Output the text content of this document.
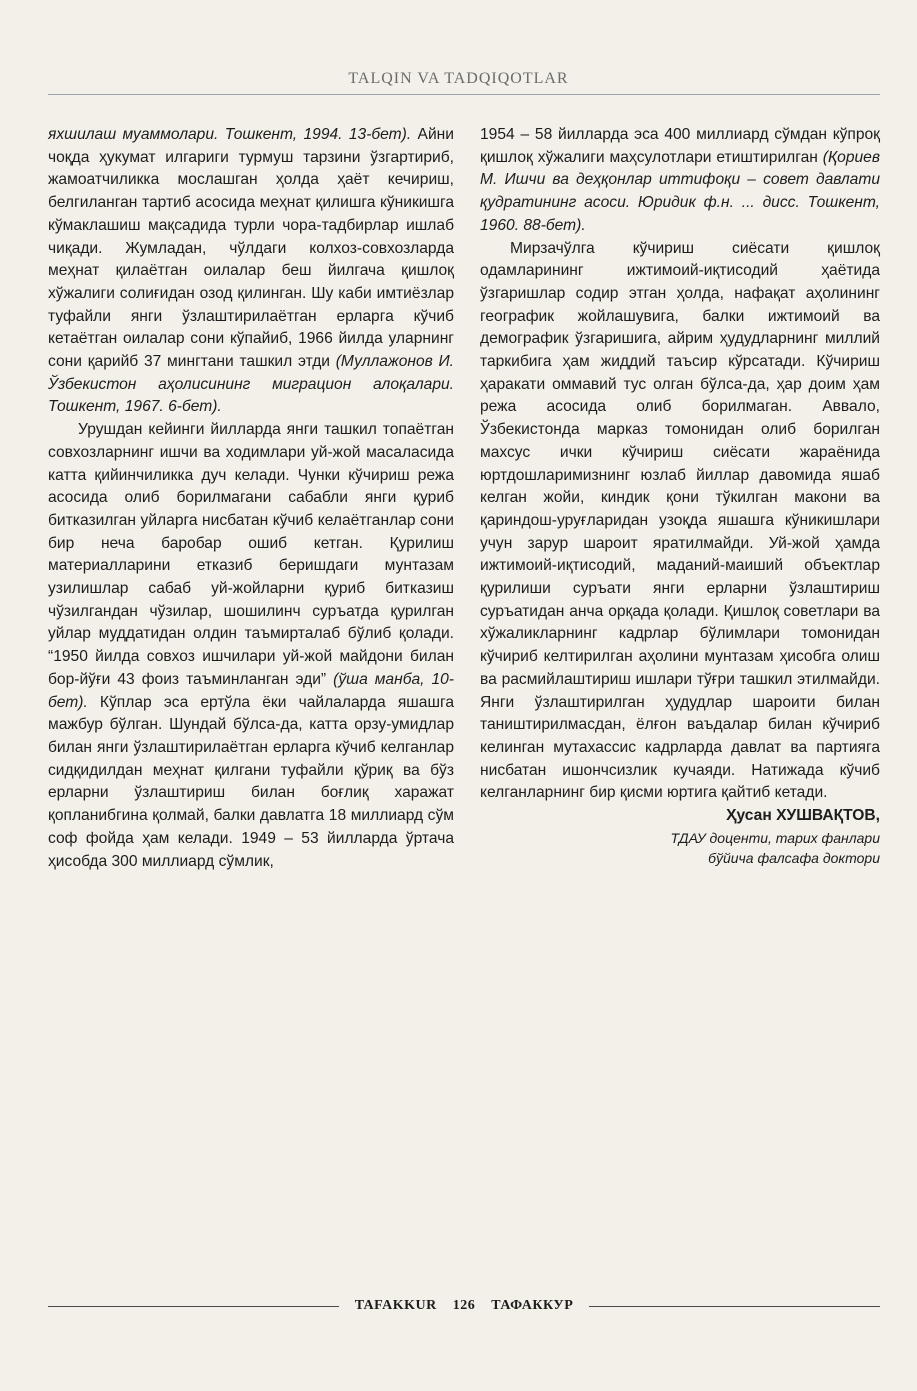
TALQIN VA TADQIQOTLAR

яхшилаш муаммолари. Тошкент, 1994. 13-бет). Айни чоқда ҳукумат илгариги турмуш тарзини ўзгартириб, жамоатчиликка мослашган ҳолда ҳаёт кечириш, белгиланган тартиб асосида меҳнат қилишга кўникишга кўмаклашиш мақсадида турли чора-тадбирлар ишлаб чиқади. Жумладан, чўлдаги колхоз-совхозларда меҳнат қилаётган оилалар беш йилгача қишлоқ хўжалиги солиғидан озод қилинган. Шу каби имтиёзлар туфайли янги ўзлаштирилаётган ерларга кўчиб кетаётган оилалар сони кўпайиб, 1966 йилда уларнинг сони қарийб 37 мингтани ташкил этди (Муллажонов И. Ўзбекистон аҳолисининг миграцион алоқалари. Тошкент, 1967. 6-бет).

Урушдан кейинги йилларда янги ташкил топаётган совхозларнинг ишчи ва ходимлари уй-жой масаласида катта қийинчиликка дуч келади. Чунки кўчириш режа асосида олиб борилмагани сабабли янги қуриб битказилган уйларга нисбатан кўчиб келаётганлар сони бир неча баробар ошиб кетган. Қурилиш материалларини етказиб беришдаги мунтазам узилишлар сабаб уй-жойларни қуриб битказиш чўзилгандан чўзилар, шошилинч суръатда қурилган уйлар муддатидан олдин таъмирталаб бўлиб қолади. “1950 йилда совхоз ишчилари уй-жой майдони билан бор-йўғи 43 фоиз таъминланган эди” (ўша манба, 10-бет). Кўплар эса ертўла ёки чайлаларда яшашга мажбур бўлган. Шундай бўлса-да, катта орзу-умидлар билан янги ўзлаштирилаётган ерларга кўчиб келганлар сидқидилдан меҳнат қилгани туфайли қўриқ ва бўз ерларни ўзлаштириш билан боғлиқ харажат қопланибгина қолмай, балки давлатга 18 миллиард сўм соф фойда ҳам келади. 1949 – 53 йилларда ўртача ҳисобда 300 миллиард сўмлик,

1954 – 58 йилларда эса 400 миллиард сўмдан кўпроқ қишлоқ хўжалиги маҳсулотлари етиштирилган (Қориев М. Ишчи ва деҳқонлар иттифоқи – совет давлати қудратининг асоси. Юридик ф.н. ... дисс. Тошкент, 1960. 88-бет).

Мирзачўлга кўчириш сиёсати қишлоқ одамларининг ижтимоий-иқтисодий ҳаётида ўзгаришлар содир этган ҳолда, нафақат аҳолининг географик жойлашувига, балки ижтимоий ва демографик ўзгаришига, айрим ҳудудларнинг миллий таркибига ҳам жиддий таъсир кўрсатади. Кўчириш ҳаракати оммавий тус олган бўлса-да, ҳар доим ҳам режа асосида олиб борилмаган. Аввало, Ўзбекистонда марказ томонидан олиб борилган махсус ички кўчириш сиёсати жараёнида юртдошларимизнинг юзлаб йиллар давомида яшаб келган жойи, киндик қони тўкилган макони ва қариндош-уруғларидан узоқда яшашга кўникишлари учун зарур шароит яратилмайди. Уй-жой ҳамда ижтимоий-иқтисодий, маданий-маиший объектлар қурилиши суръати янги ерларни ўзлаштириш суръатидан анча орқада қолади. Қишлоқ советлари ва хўжаликларнинг кадрлар бўлимлари томонидан кўчириб келтирилган аҳолини мунтазам ҳисобга олиш ва расмийлаштириш ишлари тўғри ташкил этилмайди. Янги ўзлаштирилган ҳудудлар шароити билан таништирилмасдан, ёлғон ваъдалар билан кўчириб келинган мутахассис кадрларда давлат ва партияга нисбатан ишончсизлик кучаяди. Натижада кўчиб келганларнинг бир қисми юртига қайтиб кетади.

Ҳусан ХУШВАҚТОВ,
ТДАУ доценти, тарих фанлари
бўйича фалсафа доктори
TAFAKKUR 126 ТАФАККУР
